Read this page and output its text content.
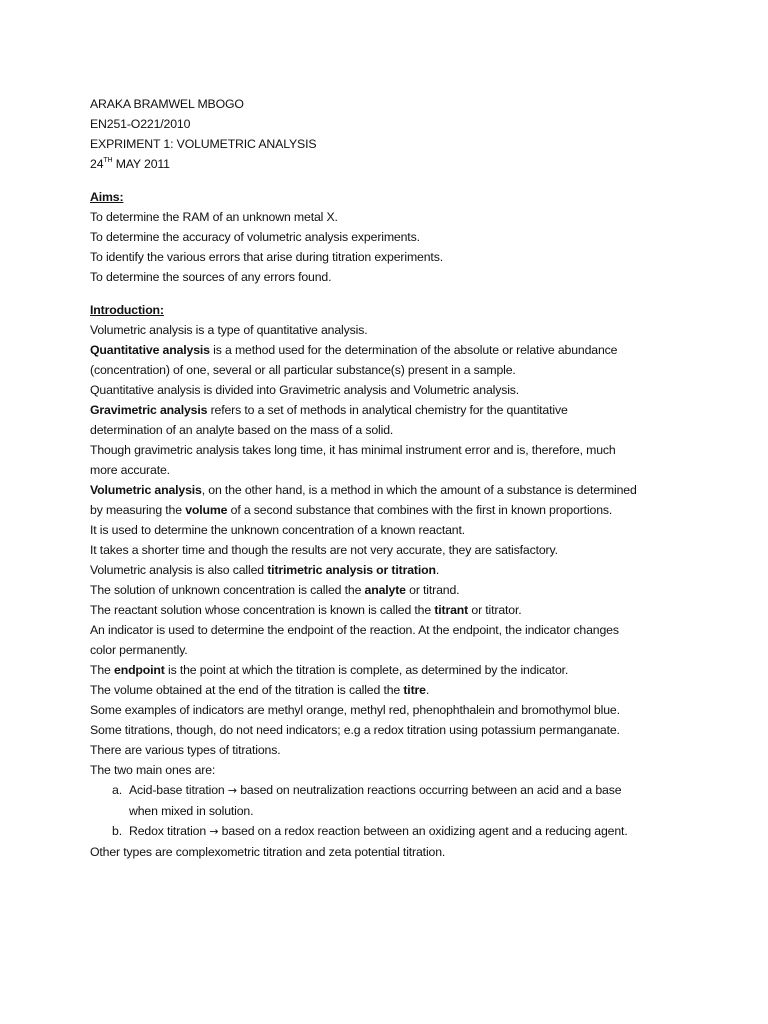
ARAKA BRAMWEL MBOGO
EN251-O221/2010
EXPRIMENT 1: VOLUMETRIC ANALYSIS
24TH MAY 2011
Aims:
To determine the RAM of an unknown metal X.
To determine the accuracy of volumetric analysis experiments.
To identify the various errors that arise during titration experiments.
To determine the sources of any errors found.
Introduction:
Volumetric analysis is a type of quantitative analysis.
Quantitative analysis is a method used for the determination of the absolute or relative abundance
(concentration) of one, several or all particular substance(s) present in a sample.
Quantitative analysis is divided into Gravimetric analysis and Volumetric analysis.
Gravimetric analysis refers to a set of methods in analytical chemistry for the quantitative
determination of an analyte based on the mass of a solid.
Though gravimetric analysis takes long time, it has minimal instrument error and is, therefore, much
more accurate.
Volumetric analysis, on the other hand, is a method in which the amount of a substance is determined
by measuring the volume of a second substance that combines with the first in known proportions.
It is used to determine the unknown concentration of a known reactant.
It takes a shorter time and though the results are not very accurate, they are satisfactory.
Volumetric analysis is also called titrimetric analysis or titration.
The solution of unknown concentration is called the analyte or titrand.
The reactant solution whose concentration is known is called the titrant or titrator.
An indicator is used to determine the endpoint of the reaction. At the endpoint, the indicator changes
color permanently.
The endpoint is the point at which the titration is complete, as determined by the indicator.
The volume obtained at the end of the titration is called the titre.
Some examples of indicators are methyl orange, methyl red, phenophthalein and bromothymol blue.
Some titrations, though, do not need indicators; e.g a redox titration using potassium permanganate.
There are various types of titrations.
The two main ones are:
a. Acid-base titration → based on neutralization reactions occurring between an acid and a base
when mixed in solution.
b. Redox titration → based on a redox reaction between an oxidizing agent and a reducing agent.
Other types are complexometric titration and zeta potential titration.
